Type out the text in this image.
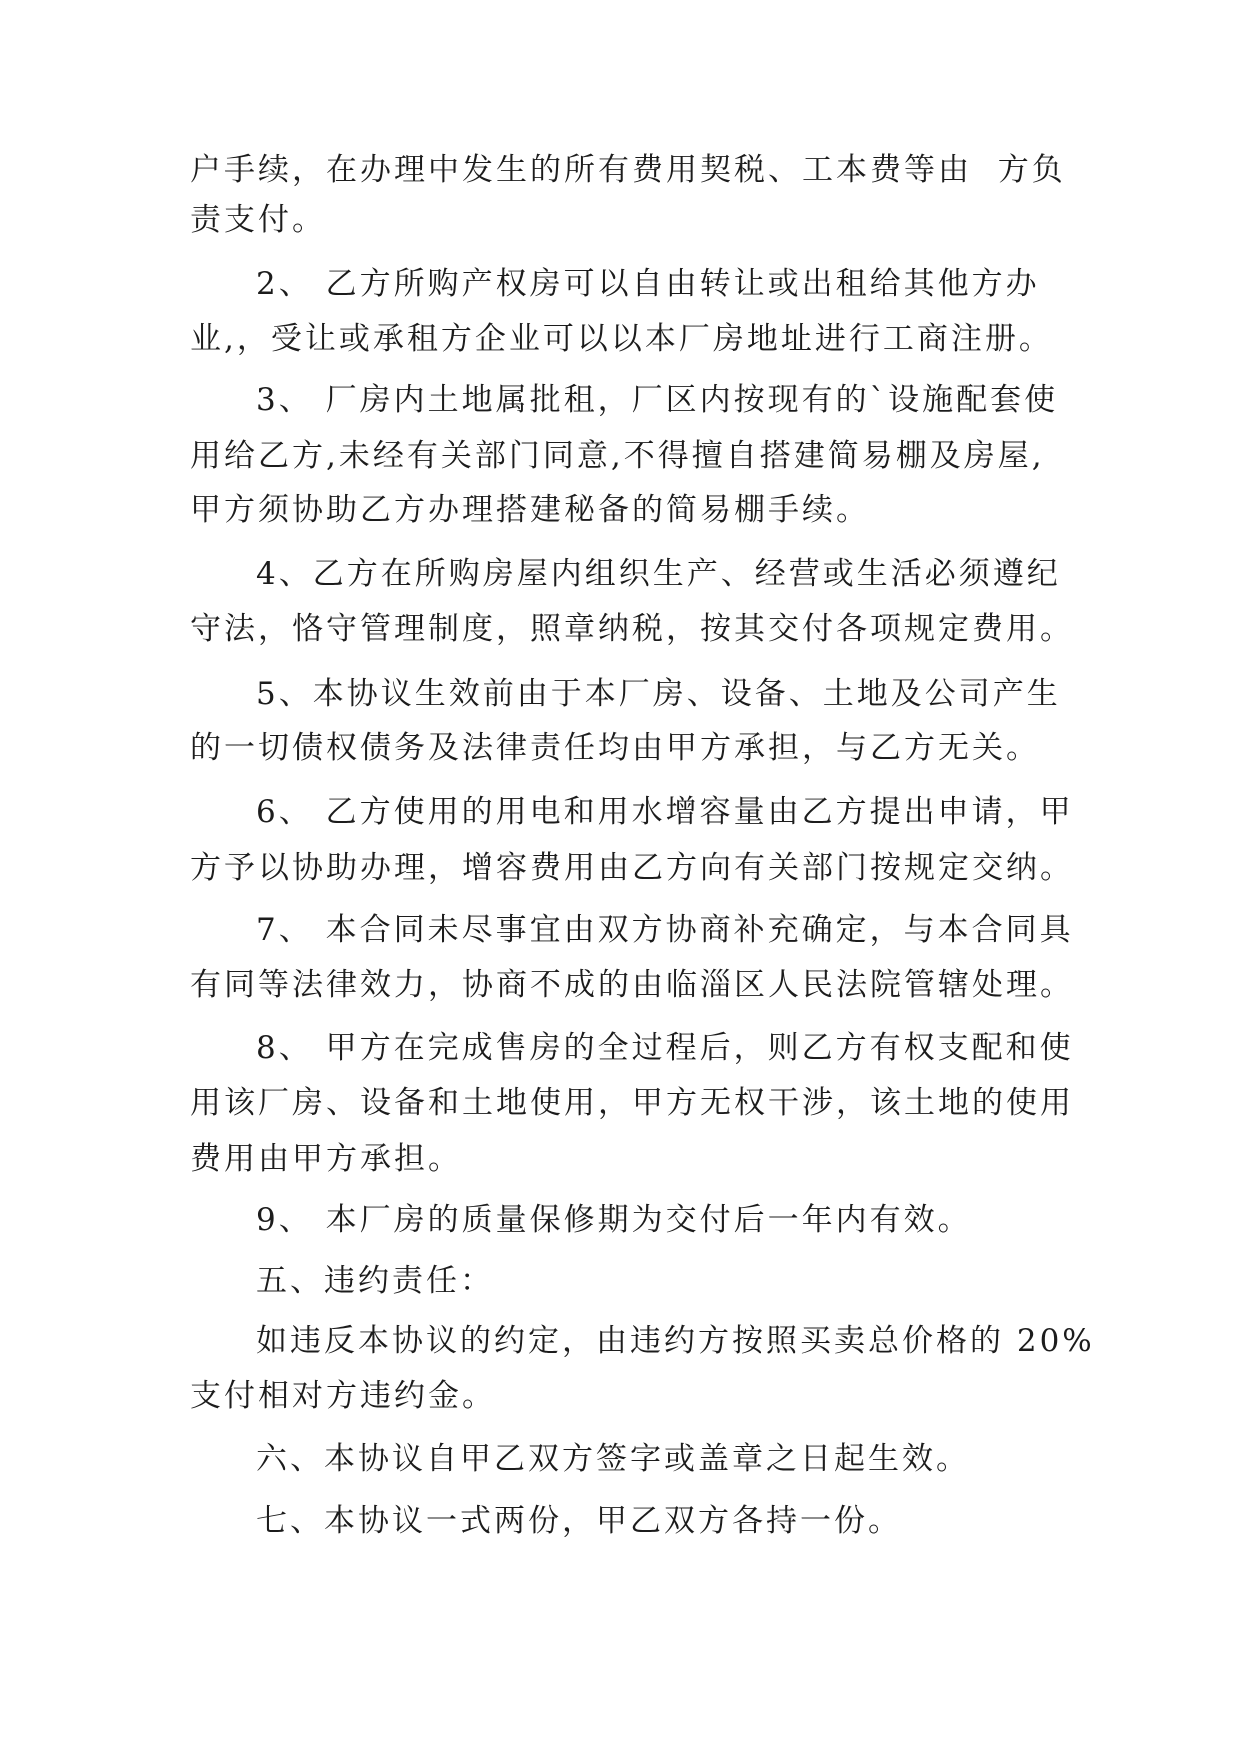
户手续，在办理中发生的所有费用契税、工本费等由  方负
责支付。
2、 乙方所购产权房可以自由转让或出租给其他方办
业,，受让或承租方企业可以以本厂房地址进行工商注册。
3、 厂房内土地属批租，厂区内按现有的`设施配套使
用给乙方,未经有关部门同意,不得擅自搭建简易棚及房屋,
甲方须协助乙方办理搭建秘备的简易棚手续。
4、乙方在所购房屋内组织生产、经营或生活必须遵纪
守法，恪守管理制度，照章纳税，按其交付各项规定费用。
5、本协议生效前由于本厂房、设备、土地及公司产生
的一切债权债务及法律责任均由甲方承担，与乙方无关。
6、 乙方使用的用电和用水增容量由乙方提出申请，甲
方予以协助办理，增容费用由乙方向有关部门按规定交纳。
7、 本合同未尽事宜由双方协商补充确定，与本合同具
有同等法律效力，协商不成的由临淄区人民法院管辖处理。
8、 甲方在完成售房的全过程后，则乙方有权支配和使
用该厂房、设备和土地使用，甲方无权干涉，该土地的使用
费用由甲方承担。
9、 本厂房的质量保修期为交付后一年内有效。
五、违约责任：
如违反本协议的约定，由违约方按照买卖总价格的 20%
支付相对方违约金。
六、本协议自甲乙双方签字或盖章之日起生效。
七、本协议一式两份，甲乙双方各持一份。
